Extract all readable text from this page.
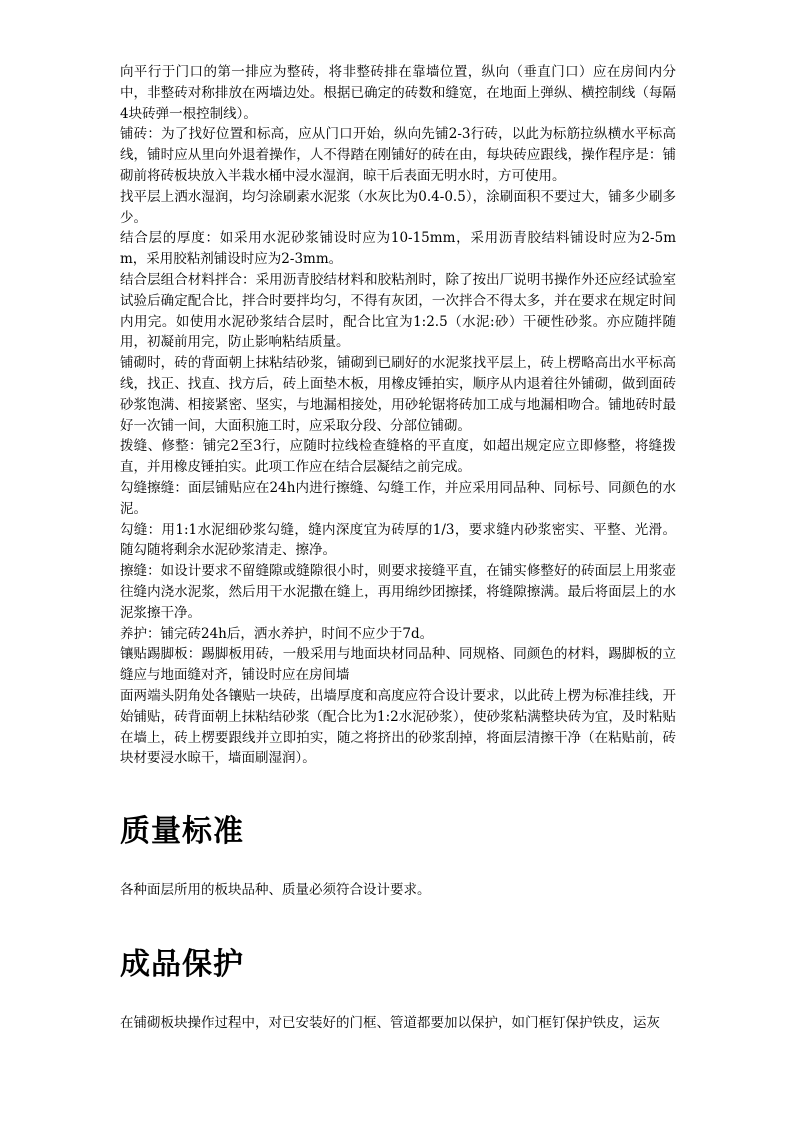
向平行于门口的第一排应为整砖，将非整砖排在靠墙位置，纵向（垂直门口）应在房间内分中，非整砖对称排放在两墙边处。根据已确定的砖数和缝宽，在地面上弹纵、横控制线（每隔4块砖弹一根控制线）。

铺砖：为了找好位置和标高，应从门口开始，纵向先铺2-3行砖，以此为标筋拉纵横水平标高线，铺时应从里向外退着操作，人不得踏在刚铺好的砖在由，每块砖应跟线，操作程序是：铺砌前将砖板块放入半栽水桶中浸水湿润，晾干后表面无明水时，方可使用。

找平层上洒水湿润，均匀涂刷素水泥浆（水灰比为0.4-0.5），涂刷面积不要过大，铺多少刷多少。

结合层的厚度：如采用水泥砂浆铺设时应为10-15mm，采用沥青胶结料铺设时应为2-5mm，采用胶粘剂铺设时应为2-3mm。

结合层组合材料拌合：采用沥青胶结材料和胶粘剂时，除了按出厂说明书操作外还应经试验室试验后确定配合比，拌合时要拌均匀，不得有灰团，一次拌合不得太多，并在要求在规定时间内用完。如使用水泥砂浆结合层时，配合比宜为1:2.5（水泥:砂）干硬性砂浆。亦应随拌随用，初凝前用完，防止影响粘结质量。

铺砌时，砖的背面朝上抹粘结砂浆，铺砌到已刷好的水泥浆找平层上，砖上楞略高出水平标高线，找正、找直、找方后，砖上面垫木板，用橡皮锤拍实，顺序从内退着往外铺砌，做到面砖砂浆饱满、相接紧密、坚实，与地漏相接处，用砂轮锯将砖加工成与地漏相吻合。铺地砖时最好一次铺一间，大面积施工时，应采取分段、分部位铺砌。

拨缝、修整：铺完2至3行，应随时拉线检查缝格的平直度，如超出规定应立即修整，将缝拨直，并用橡皮锤拍实。此项工作应在结合层凝结之前完成。

勾缝擦缝：面层铺贴应在24h内进行擦缝、勾缝工作，并应采用同品种、同标号、同颜色的水泥。

勾缝：用1:1水泥细砂浆勾缝，缝内深度宜为砖厚的1/3，要求缝内砂浆密实、平整、光滑。随勾随将剩余水泥砂浆清走、擦净。

擦缝：如设计要求不留缝隙或缝隙很小时，则要求接缝平直，在铺实修整好的砖面层上用浆壶往缝内浇水泥浆，然后用干水泥撒在缝上，再用绵纱团擦揉，将缝隙擦满。最后将面层上的水泥浆擦干净。

养护：铺完砖24h后，洒水养护，时间不应少于7d。

镶贴踢脚板：踢脚板用砖，一般采用与地面块材同品种、同规格、同颜色的材料，踢脚板的立缝应与地面缝对齐，铺设时应在房间墙

面两端头阴角处各镶贴一块砖，出墙厚度和高度应符合设计要求，以此砖上楞为标准挂线，开始铺贴，砖背面朝上抹粘结砂浆（配合比为1:2水泥砂浆），使砂浆粘满整块砖为宜，及时粘贴在墙上，砖上楞要跟线并立即拍实，随之将挤出的砂浆刮掉，将面层清擦干净（在粘贴前，砖块材要浸水晾干，墙面刷湿润）。

质量标准

各种面层所用的板块品种、质量必须符合设计要求。

成品保护

在铺砌板块操作过程中，对已安装好的门框、管道都要加以保护，如门框钉保护铁皮，运灰
